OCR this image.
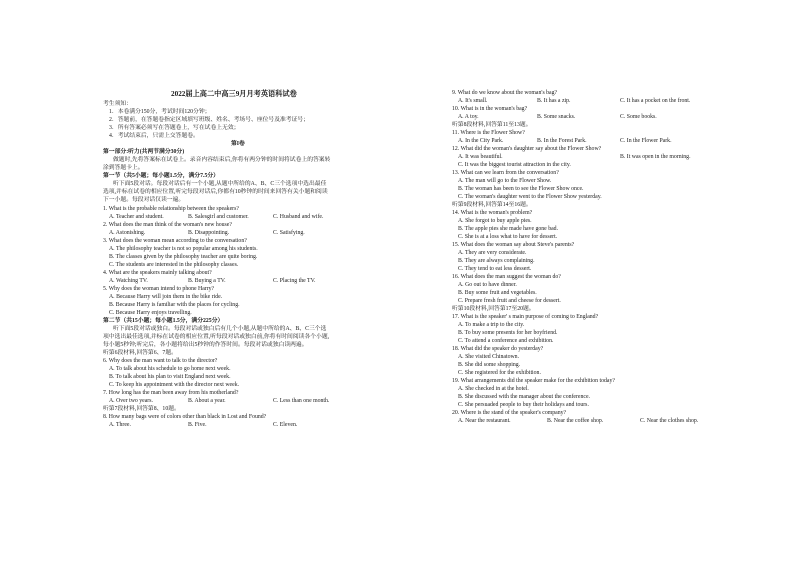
2022届上高二中高三9月月考英语科试卷
考生须知：
1．本卷满分150分，考试时间120分钟；
2．答题前，在答题卷指定区域填写班级、姓名、考场号、座位号及准考证号；
3．所有答案必须写在答题卷上，写在试卷上无效；
4．考试结束后，只需上交答题卷。
第I卷
第一部分:听力(共两节满分30分)
做题时,先将答案标在试卷上。录音内容结束后,你将有两分钟的时间将试卷上的答案转
涂到答题卡上。
第一节（共5小题；每小题1.5分，满分7.5分）
听下面5段对话。每段对话后有一个小题,从题中所给的A、B、C三个选项中选出最佳
选项,并标在试卷的相应位置,听完每段对话后,你都有10秒钟的时间来回答有关小题和阅读
下一小题。每段对话仅读一遍。
1. What is the probable relationship between the speakers?
A. Teacher and student.	B. Salesgirl and customer.	C. Husband and wife.
2. What does the man think of the woman's new house?
A. Astonishing.	B. Disappointing.	C. Satisfying.
3. What does the woman mean according to the conversation?
A. The philosophy teacher is not so popular among his students.
B. The classes given by the philosophy teacher are quite boring.
C. The students are interested in the philosophy classes.
4. What are the speakers mainly talking about?
A. Watching TV.	B. Buying a TV.	C. Placing the TV.
5. Why does the woman intend to phone Harry?
A. Because Harry will join them in the bike ride.
B. Because Harry is familiar with the places for cycling.
C. Because Harry enjoys travelling.
第二节（共15小题；每小题1.5分，满分225分）
听下面5段对话或独白。每段对话或独白后有几个小题,从题中所给的A、B、C三个选
项中选出最佳选项,并标在试卷的相应位置,听每段对话或独白前,你将有时间阅读各个小题,
每小题5秒钟;听完后，各小题将给出5秒钟的作答时间。每段对话或独白读两遍。
听第6段材料,回答第6、7题。
6. Why does the man want to talk to the director?
A. To talk about his schedule to go home next week.
B. To talk about his plan to visit England next week.
C. To keep his appointment with the director next week.
7. How long has the man been away from his motherland?
A. Over two years.	B. About a year.	C. Less than one month.
听第7段材料,回答第8、10题。
8. How many bags were of colors other than black in Lost and Found?
A. Three.	B. Five.	C. Eleven.
9. What do we know about the woman's bag?
A. It's small.	B. It has a zip.	C. It has a pocket on the front.
10. What is in the woman's bag?
A. A toy.	B. Some snacks.	C. Some books.
听第8段材料,回答第11至13题。
11. Where is the Flower Show?
A. In the City Park.	B. In the Forest Park.	C. In the Flower Park.
12. What did the woman's daughter say about the Flower Show?
A. It was beautiful.	B. It was open in the morning.
C. It was the biggest tourist attraction in the city.
13. What can we learn from the conversation?
A. The man will go to the Flower Show.
B. The woman has been to see the Flower Show once.
C. The woman's daughter went to the Flower Show yesterday.
听第9段材料,回答第14至16题。
14. What is the woman's problem?
A. She forgot to buy apple pies.
B. The apple pies she made have gone bad.
C. She is at a loss what to have for dessert.
15. What does the woman say about Steve's parents?
A. They are very considerate.
B. They are always complaining.
C. They tend to eat less dessert.
16. What does the man suggest the woman do?
A. Go out to have dinner.
B. Buy some fruit and vegetables.
C. Prepare fresh fruit and cheese for dessert.
听第10段材料,回答第17至20题。
17. What is the speaker' s main purpose of coming to England?
A. To make a trip to the city.
B. To buy some presents for her boyfriend.
C. To attend a conference and exhibition.
18. What did the speaker do yesterday?
A. She visited Chinatown.
B. She did some shopping.
C. She registered for the exhibition.
19. What arrangements did the speaker make for the exhibition today?
A. She checked in at the hotel.
B. She discussed with the manager about the conference.
C. She persuaded people to buy their holidays and tours.
20. Where is the stand of the speaker's company?
A. Near the restaurant.	B. Near the coffee shop.	C. Near the clothes shop.
